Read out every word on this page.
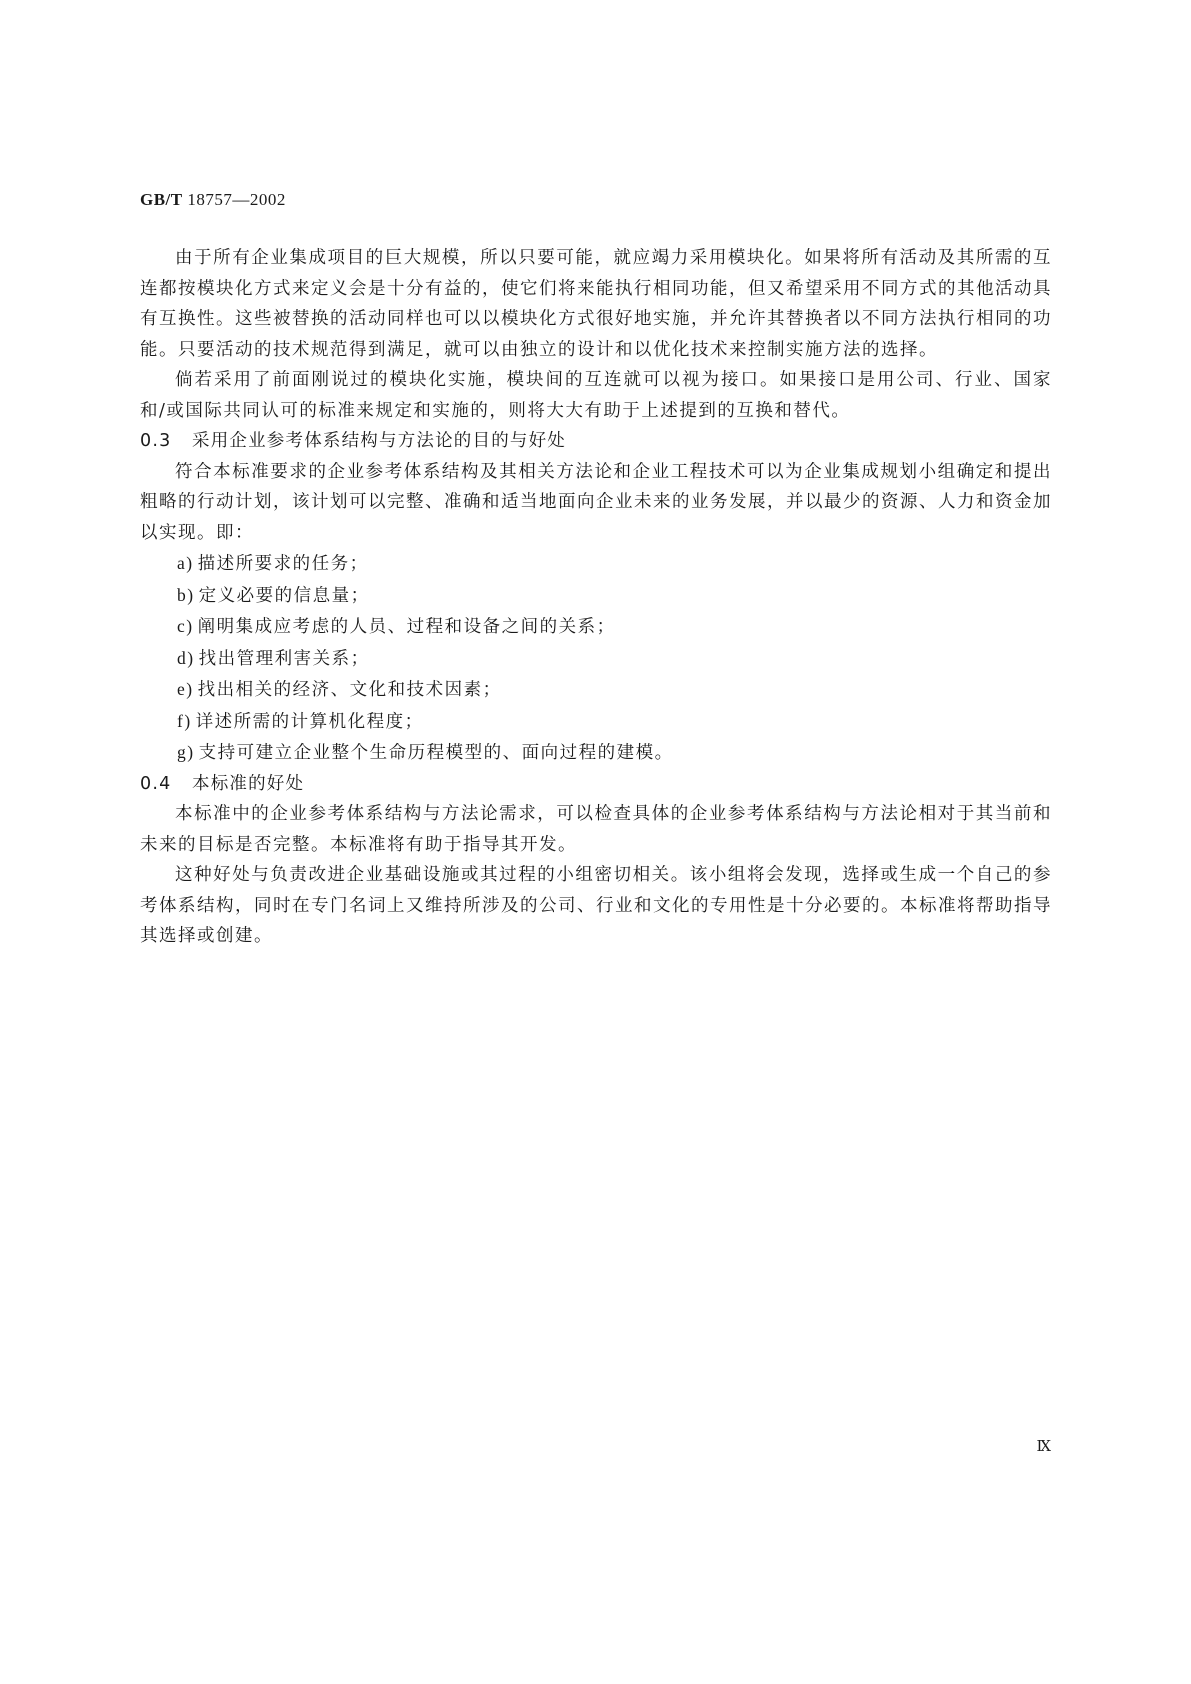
GB/T 18757—2002

由于所有企业集成项目的巨大规模，所以只要可能，就应竭力采用模块化。如果将所有活动及其所需的互连都按模块化方式来定义会是十分有益的，使它们将来能执行相同功能，但又希望采用不同方式的其他活动具有互换性。这些被替换的活动同样也可以以模块化方式很好地实施，并允许其替换者以不同方法执行相同的功能。只要活动的技术规范得到满足，就可以由独立的设计和以优化技术来控制实施方法的选择。

倘若采用了前面刚说过的模块化实施，模块间的互连就可以视为接口。如果接口是用公司、行业、国家和/或国际共同认可的标准来规定和实施的，则将大大有助于上述提到的互换和替代。

0.3	采用企业参考体系结构与方法论的目的与好处

符合本标准要求的企业参考体系结构及其相关方法论和企业工程技术可以为企业集成规划小组确定和提出粗略的行动计划，该计划可以完整、准确和适当地面向企业未来的业务发展，并以最少的资源、人力和资金加以实现。即：

a) 描述所要求的任务；
b) 定义必要的信息量；
c) 阐明集成应考虑的人员、过程和设备之间的关系；
d) 找出管理利害关系；
e) 找出相关的经济、文化和技术因素；
f) 详述所需的计算机化程度；
g) 支持可建立企业整个生命历程模型的、面向过程的建模。
0.4	本标准的好处

本标准中的企业参考体系结构与方法论需求，可以检查具体的企业参考体系结构与方法论相对于其当前和未来的目标是否完整。本标准将有助于指导其开发。

这种好处与负责改进企业基础设施或其过程的小组密切相关。该小组将会发现，选择或生成一个自己的参考体系结构，同时在专门名词上又维持所涉及的公司、行业和文化的专用性是十分必要的。本标准将帮助指导其选择或创建。

Ⅸ
